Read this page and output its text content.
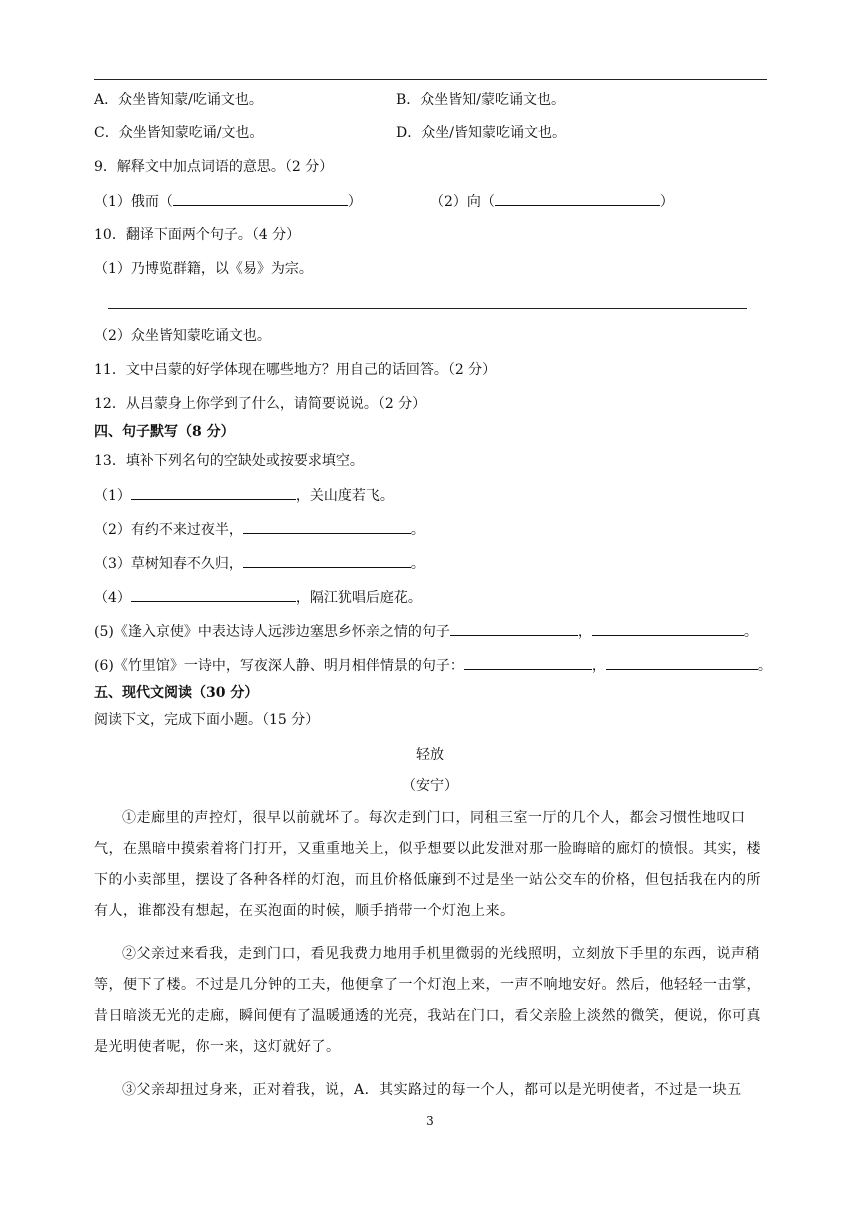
A．众坐皆知蒙/吃诵文也。	B．众坐皆知/蒙吃诵文也。
C．众坐皆知蒙吃诵/文也。	D．众坐/皆知蒙吃诵文也。
9．解释文中加点词语的意思。（2 分）
（1）俄而（	）	（2）向（	）
10．翻译下面两个句子。（4 分）
（1）乃博览群籍，以《易》为宗。
（2）众坐皆知蒙吃诵文也。
11．文中吕蒙的好学体现在哪些地方？用自己的话回答。（2 分）
12．从吕蒙身上你学到了什么，请简要说说。（2 分）
四、句子默写（8 分）
13．填补下列名句的空缺处或按要求填空。
（1）	，关山度若飞。
（2）有约不来过夜半，	。
（3）草树知春不久归，	。
（4）	，隔江犹唱后庭花。
(5)《逢入京使》中表达诗人远涉边塞思乡怀亲之情的句子	，	。
(6)《竹里馆》一诗中，写夜深人静、明月相伴情景的句子：	，	。
五、现代文阅读（30 分）
阅读下文，完成下面小题。（15 分）
轻放
（安宁）
①走廊里的声控灯，很早以前就坏了。每次走到门口，同租三室一厅的几个人，都会习惯性地叹口气，在黑暗中摸索着将门打开，又重重地关上，似乎想要以此发泄对那一脸晦暗的廊灯的愤恨。其实，楼下的小卖部里，摆设了各种各样的灯泡，而且价格低廉到不过是坐一站公交车的价格，但包括我在内的所有人，谁都没有想起，在买泡面的时候，顺手捎带一个灯泡上来。
②父亲过来看我，走到门口，看见我费力地用手机里微弱的光线照明，立刻放下手里的东西，说声稍等，便下了楼。不过是几分钟的工夫，他便拿了一个灯泡上来，一声不响地安好。然后，他轻轻一击掌，昔日暗淡无光的走廊，瞬间便有了温暖通透的光亮，我站在门口，看父亲脸上淡然的微笑，便说，你可真是光明使者呢，你一来，这灯就好了。
③父亲却扭过身来，正对着我，说，A．其实路过的每一个人，都可以是光明使者，不过是一块五
3
